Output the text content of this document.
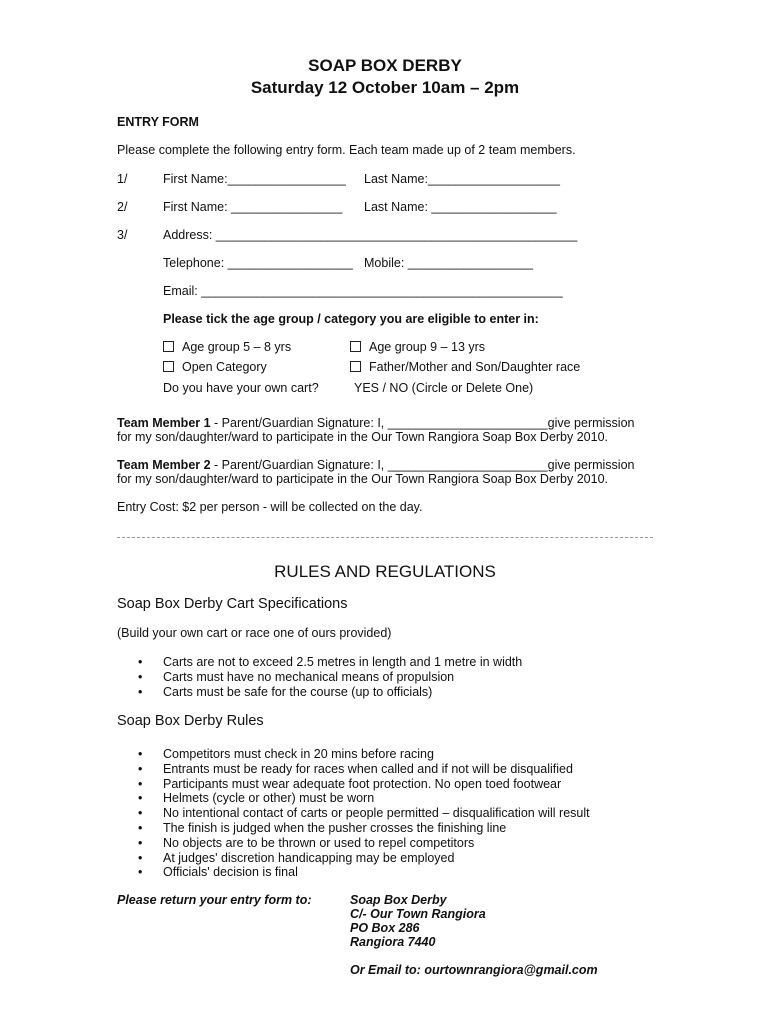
SOAP BOX DERBY
Saturday 12 October 10am – 2pm
ENTRY FORM
Please complete the following entry form. Each team made up of 2 team members.
1/	First Name:_________________ Last Name:___________________
2/	First Name: ________________ Last Name: __________________
3/	Address: ____________________________________________________
Telephone: __________________ Mobile: __________________
Email: ____________________________________________________
Please tick the age group / category you are eligible to enter in:
Age group 5 – 8 yrs	Age group 9 – 13 yrs
Open Category	Father/Mother and Son/Daughter race
Do you have your own cart?	YES / NO (Circle or Delete One)
Team Member 1 - Parent/Guardian Signature: I, _______________________give permission
for my son/daughter/ward to participate in the Our Town Rangiora Soap Box Derby 2010.
Team Member 2 - Parent/Guardian Signature: I, _______________________give permission
for my son/daughter/ward to participate in the Our Town Rangiora Soap Box Derby 2010.
Entry Cost: $2 per person - will be collected on the day.
RULES AND REGULATIONS
Soap Box Derby Cart Specifications
(Build your own cart or race one of ours provided)
• Carts are not to exceed 2.5 metres in length and 1 metre in width
• Carts must have no mechanical means of propulsion
• Carts must be safe for the course (up to officials)
Soap Box Derby Rules
• Competitors must check in 20 mins before racing
• Entrants must be ready for races when called and if not will be disqualified
• Participants must wear adequate foot protection. No open toed footwear
• Helmets (cycle or other) must be worn
• No intentional contact of carts or people permitted – disqualification will result
• The finish is judged when the pusher crosses the finishing line
• No objects are to be thrown or used to repel competitors
• At judges' discretion handicapping may be employed
• Officials' decision is final
Please return your entry form to:	Soap Box Derby
C/- Our Town Rangiora
PO Box 286
Rangiora 7440
Or Email to: ourtownrangiora@gmail.com
